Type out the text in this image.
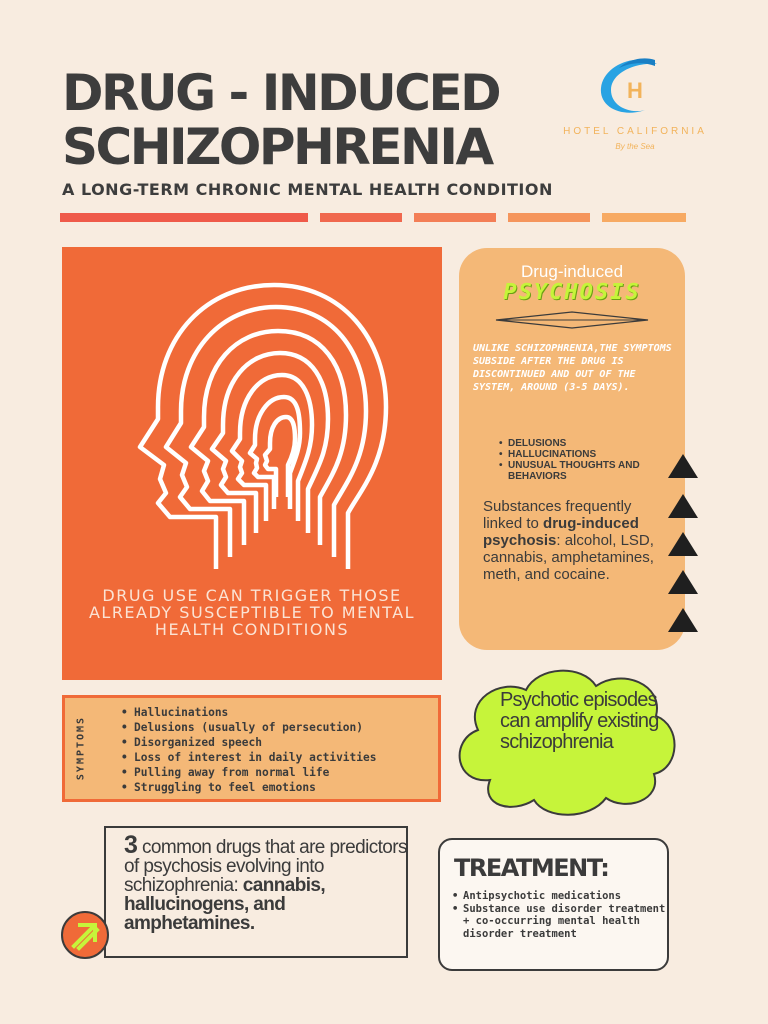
DRUG - INDUCED
SCHIZOPHRENIA
A LONG-TERM CHRONIC MENTAL HEALTH CONDITION
H
HOTEL CALIFORNIA
By the Sea
DRUG USE CAN TRIGGER THOSE ALREADY SUSCEPTIBLE TO MENTAL HEALTH CONDITIONS
Drug-induced
PSYCHOSIS
UNLIKE SCHIZOPHRENIA,THE SYMPTOMS SUBSIDE AFTER THE DRUG IS DISCONTINUED AND OUT OF THE SYSTEM, AROUND (3-5 DAYS).
• DELUSIONS
• HALLUCINATIONS
• UNUSUAL THOUGHTS AND BEHAVIORS
Substances frequently linked to drug-induced psychosis: alcohol, LSD, cannabis, amphetamines, meth, and cocaine.
Psychotic episodes can amplify existing schizophrenia
SYMPTOMS
• Hallucinations
• Delusions (usually of persecution)
• Disorganized speech
• Loss of interest in daily activities
• Pulling away from normal life
• Struggling to feel emotions
3 common drugs that are predictors of psychosis evolving into schizophrenia: cannabis, hallucinogens, and amphetamines.
TREATMENT:
• Antipsychotic medications
• Substance use disorder treatment + co-occurring mental health disorder treatment
